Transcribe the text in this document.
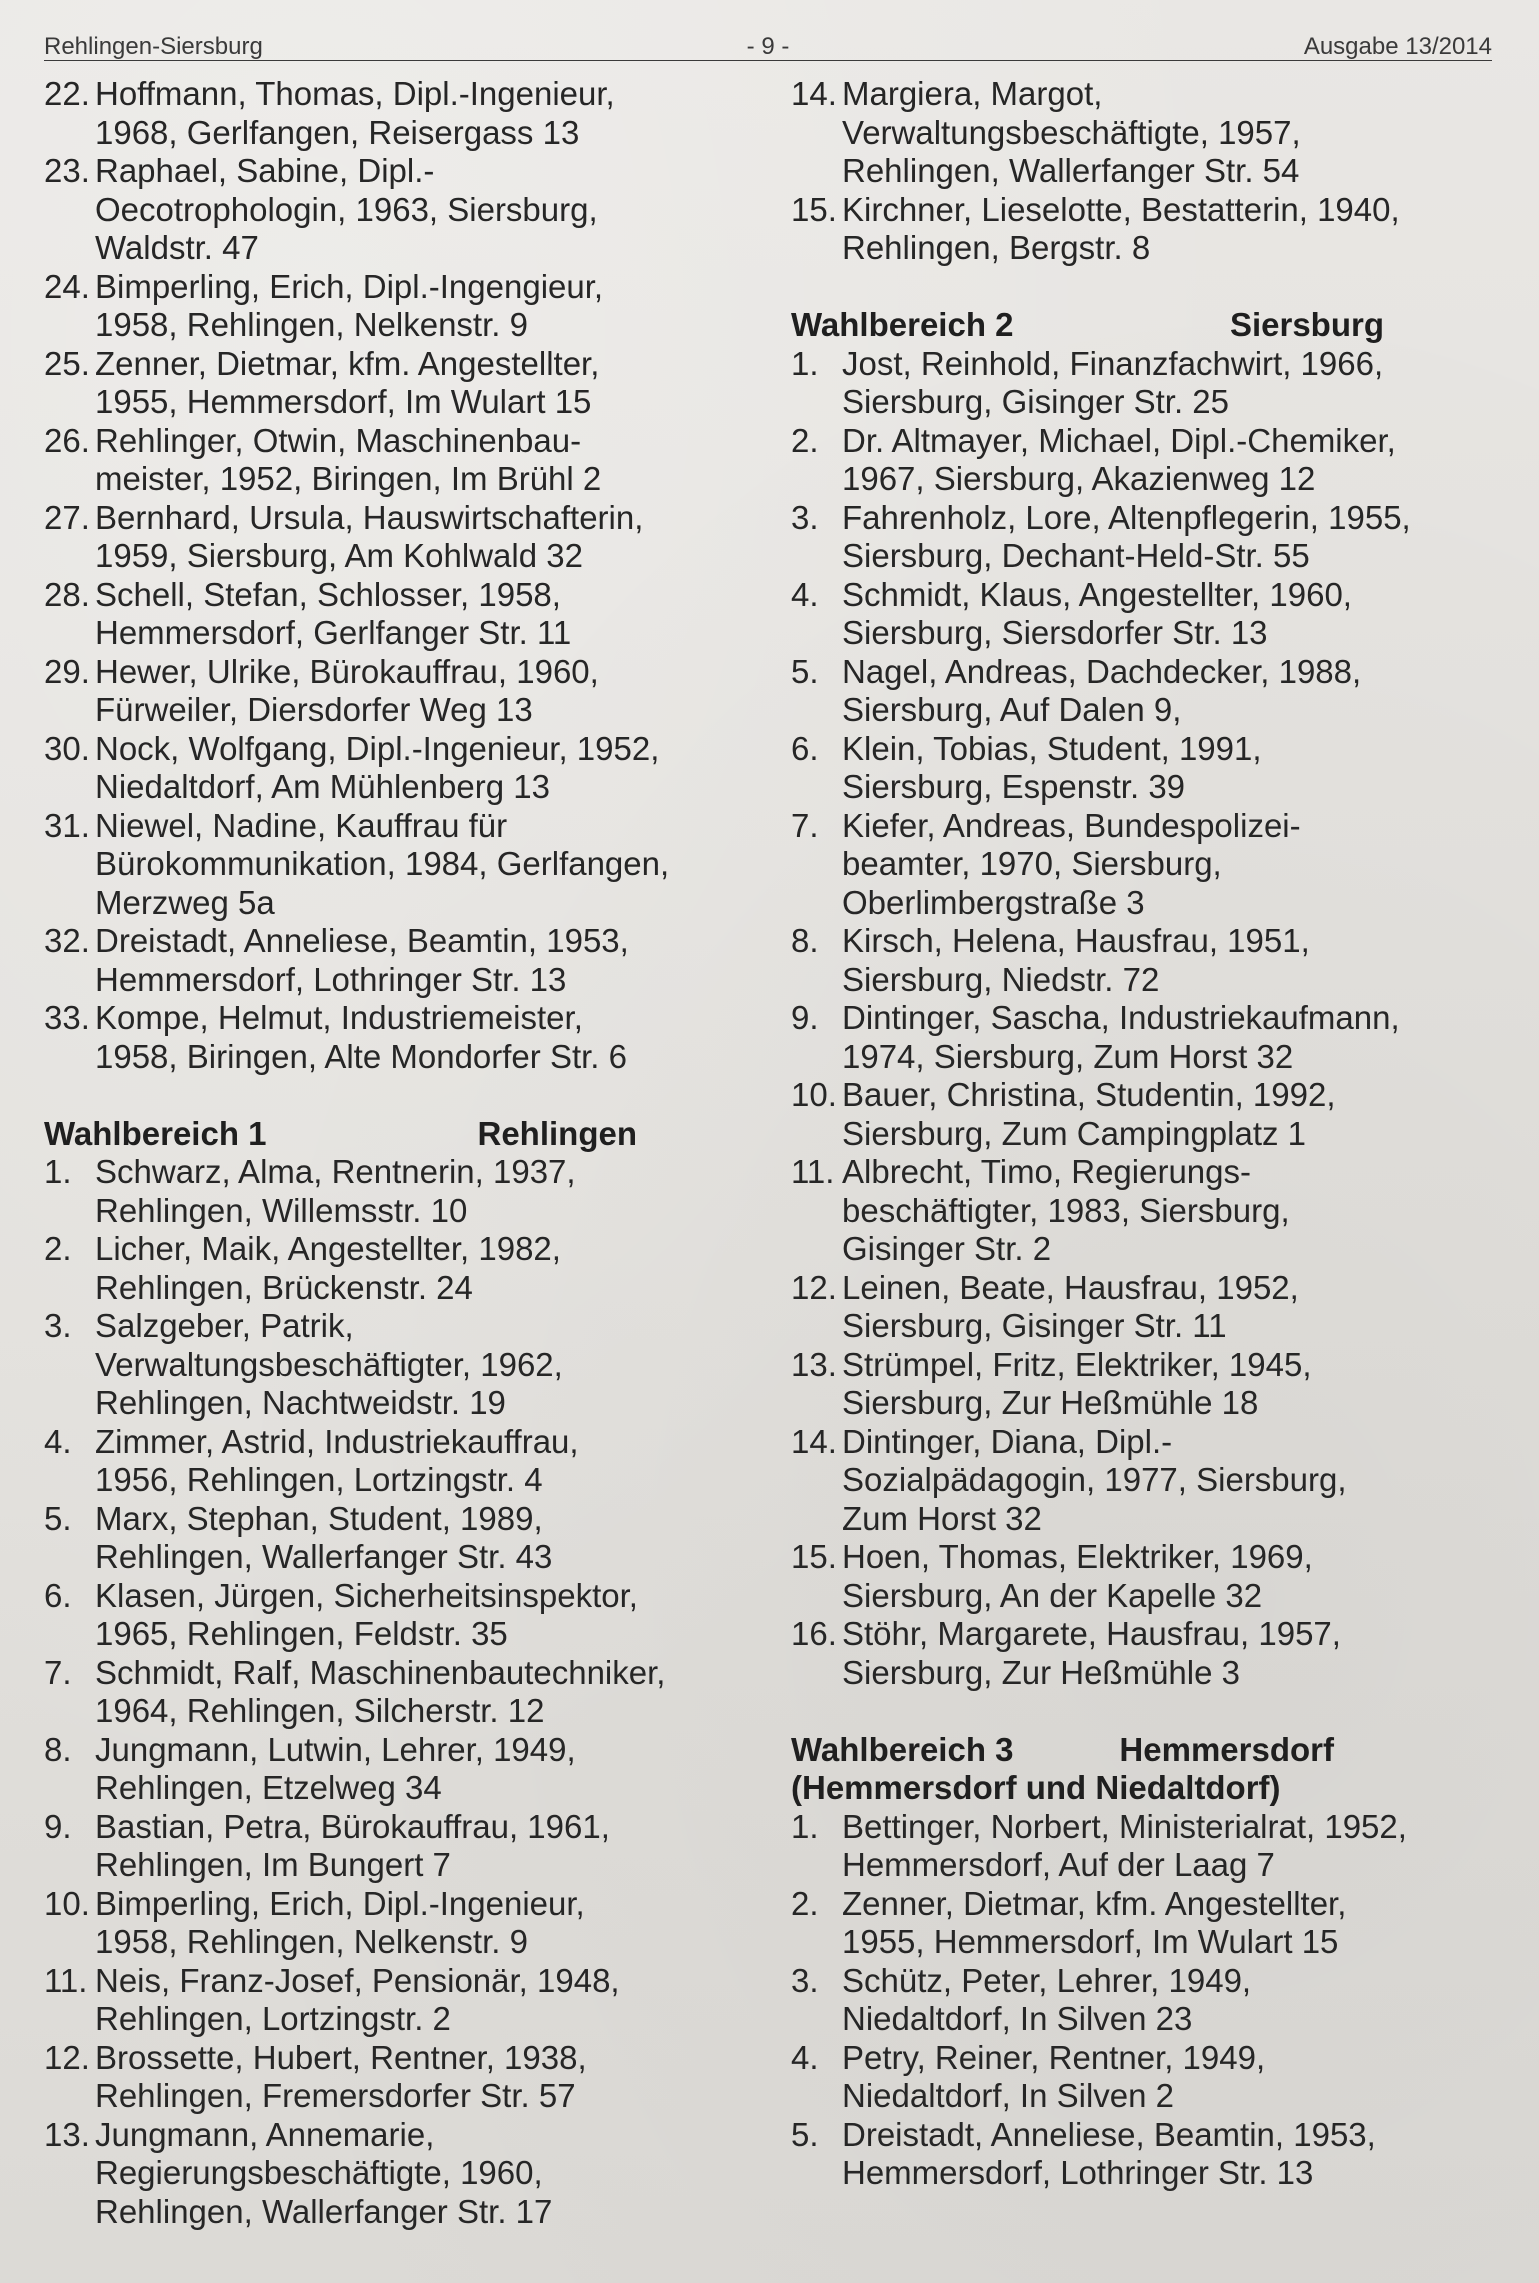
Rehlingen-Siersburg	- 9 -	Ausgabe 13/2014
22. Hoffmann, Thomas, Dipl.-Ingenieur,
1968, Gerlfangen, Reisergass 13
23. Raphael, Sabine, Dipl.-
Oecotrophologin, 1963, Siersburg,
Waldstr. 47
24. Bimperling, Erich, Dipl.-Ingengieur,
1958, Rehlingen, Nelkenstr. 9
25. Zenner, Dietmar, kfm. Angestellter,
1955, Hemmersdorf, Im Wulart 15
26. Rehlinger, Otwin, Maschinenbau-
meister, 1952, Biringen, Im Brühl 2
27. Bernhard, Ursula, Hauswirtschafterin,
1959, Siersburg, Am Kohlwald 32
28. Schell, Stefan, Schlosser, 1958,
Hemmersdorf, Gerlfanger Str. 11
29. Hewer, Ulrike, Bürokauffrau, 1960,
Fürweiler, Diersdorfer Weg 13
30. Nock, Wolfgang, Dipl.-Ingenieur, 1952,
Niedaltdorf, Am Mühlenberg 13
31. Niewel, Nadine, Kauffrau für
Bürokommunikation, 1984, Gerlfangen,
Merzweg 5a
32. Dreistadt, Anneliese, Beamtin, 1953,
Hemmersdorf, Lothringer Str. 13
33. Kompe, Helmut, Industriemeister,
1958, Biringen, Alte Mondorfer Str. 6
Wahlbereich 1	Rehlingen
1. Schwarz, Alma, Rentnerin, 1937,
Rehlingen, Willemsstr. 10
2. Licher, Maik, Angestellter, 1982,
Rehlingen, Brückenstr. 24
3. Salzgeber, Patrik,
Verwaltungsbeschäftigter, 1962,
Rehlingen, Nachtweidstr. 19
4. Zimmer, Astrid, Industriekauffrau,
1956, Rehlingen, Lortzingstr. 4
5. Marx, Stephan, Student, 1989,
Rehlingen, Wallerfanger Str. 43
6. Klasen, Jürgen, Sicherheitsinspektor,
1965, Rehlingen, Feldstr. 35
7. Schmidt, Ralf, Maschinenbautechniker,
1964, Rehlingen, Silcherstr. 12
8. Jungmann, Lutwin, Lehrer, 1949,
Rehlingen, Etzelweg 34
9. Bastian, Petra, Bürokauffrau, 1961,
Rehlingen, Im Bungert 7
10. Bimperling, Erich, Dipl.-Ingenieur,
1958, Rehlingen, Nelkenstr. 9
11. Neis, Franz-Josef, Pensionär, 1948,
Rehlingen, Lortzingstr. 2
12. Brossette, Hubert, Rentner, 1938,
Rehlingen, Fremersdorfer Str. 57
13. Jungmann, Annemarie,
Regierungsbeschäftigte, 1960,
Rehlingen, Wallerfanger Str. 17
14. Margiera, Margot,
Verwaltungsbeschäftigte, 1957,
Rehlingen, Wallerfanger Str. 54
15. Kirchner, Lieselotte, Bestatterin, 1940,
Rehlingen, Bergstr. 8
Wahlbereich 2	Siersburg
1. Jost, Reinhold, Finanzfachwirt, 1966,
Siersburg, Gisinger Str. 25
2. Dr. Altmayer, Michael, Dipl.-Chemiker,
1967, Siersburg, Akazienweg 12
3. Fahrenholz, Lore, Altenpflegerin, 1955,
Siersburg, Dechant-Held-Str. 55
4. Schmidt, Klaus, Angestellter, 1960,
Siersburg, Siersdorfer Str. 13
5. Nagel, Andreas, Dachdecker, 1988,
Siersburg, Auf Dalen 9,
6. Klein, Tobias, Student, 1991,
Siersburg, Espenstr. 39
7. Kiefer, Andreas, Bundespolizei-
beamter, 1970, Siersburg,
Oberlimbergstraße 3
8. Kirsch, Helena, Hausfrau, 1951,
Siersburg, Niedstr. 72
9. Dintinger, Sascha, Industriekaufmann,
1974, Siersburg, Zum Horst 32
10. Bauer, Christina, Studentin, 1992,
Siersburg, Zum Campingplatz 1
11. Albrecht, Timo, Regierungs-
beschäftigter, 1983, Siersburg,
Gisinger Str. 2
12. Leinen, Beate, Hausfrau, 1952,
Siersburg, Gisinger Str. 11
13. Strümpel, Fritz, Elektriker, 1945,
Siersburg, Zur Heßmühle 18
14. Dintinger, Diana, Dipl.-
Sozialpädagogin, 1977, Siersburg,
Zum Horst 32
15. Hoen, Thomas, Elektriker, 1969,
Siersburg, An der Kapelle 32
16. Stöhr, Margarete, Hausfrau, 1957,
Siersburg, Zur Heßmühle 3
Wahlbereich 3	Hemmersdorf
(Hemmersdorf und Niedaltdorf)
1. Bettinger, Norbert, Ministerialrat, 1952,
Hemmersdorf, Auf der Laag 7
2. Zenner, Dietmar, kfm. Angestellter,
1955, Hemmersdorf, Im Wulart 15
3. Schütz, Peter, Lehrer, 1949,
Niedaltdorf, In Silven 23
4. Petry, Reiner, Rentner, 1949,
Niedaltdorf, In Silven 2
5. Dreistadt, Anneliese, Beamtin, 1953,
Hemmersdorf, Lothringer Str. 13
